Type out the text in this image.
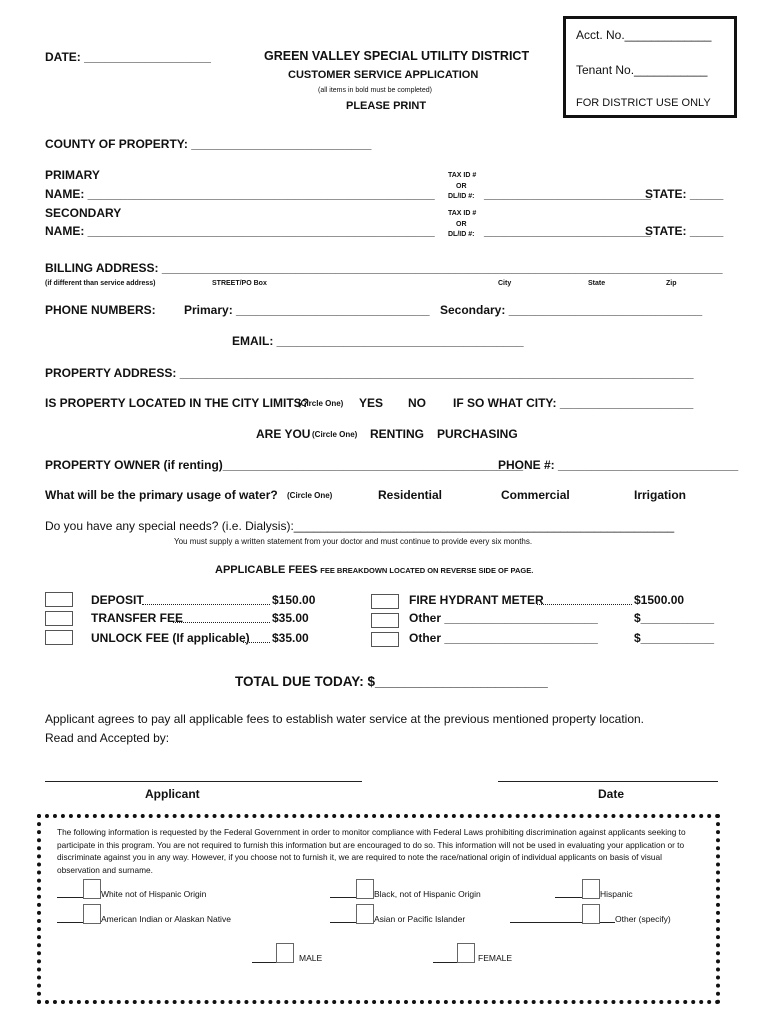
DATE: ___________________	GREEN VALLEY SPECIAL UTILITY DISTRICT
CUSTOMER SERVICE APPLICATION
(all items in bold must be completed)
PLEASE PRINT
Acct. No._____________
Tenant No.___________
FOR DISTRICT USE ONLY
COUNTY OF PROPERTY: ___________________________
PRIMARY
NAME: ____________________________________________________
TAX ID #
OR
DL/ID #: _________________________
STATE: _____
SECONDARY
NAME: ____________________________________________________
TAX ID #
OR
DL/ID #: _________________________
STATE: _____
BILLING ADDRESS: ____________________________________________________________________________________
(if different than service address)	STREET/PO Box	City	State	Zip
PHONE NUMBERS: Primary: _____________________________ Secondary: _____________________________
EMAIL: _____________________________________
PROPERTY ADDRESS: _____________________________________________________________________________
IS PROPERTY LOCATED IN THE CITY LIMITS?
(Circle One) YES NO IF SO WHAT CITY: ____________________
ARE YOU (Circle One) RENTING PURCHASING
PROPERTY OWNER (if renting)_____________________________________________
PHONE #: ___________________________
What will be the primary usage of water? (Circle One)	Residential	Commercial	Irrigation
Do you have any special needs? (i.e. Dialysis):_________________________________________________________
You must supply a written statement from your doctor and must continue to provide every six months.
APPLICABLE FEES
– FEE BREAKDOWN LOCATED ON REVERSE SIDE OF PAGE.
DEPOSIT	$150.00
TRANSFER FEE	$35.00
UNLOCK FEE (If applicable) $35.00
FIRE HYDRANT METER	$1500.00
Other _______________________	$___________
Other _______________________	$___________
TOTAL DUE TODAY: $_______________________
Applicant agrees to pay all applicable fees to establish water service at the previous mentioned property location.
Read and Accepted by:
Applicant	Date
The following information is requested by the Federal Government in order to monitor compliance with Federal Laws prohibiting discrimination against applicants seeking to participate in this program. You are not required to furnish this information but are encouraged to do so. This information will not be used in evaluating your application or to discriminate against you in any way. However, if you choose not to furnish it, we are required to note the race/national origin of individual applicants on basis of visual observation and surname.
White not of Hispanic Origin	Black, not of Hispanic Origin	Hispanic
American Indian or Alaskan Native	Asian or Pacific Islander	Other (specify)
MALE	FEMALE
